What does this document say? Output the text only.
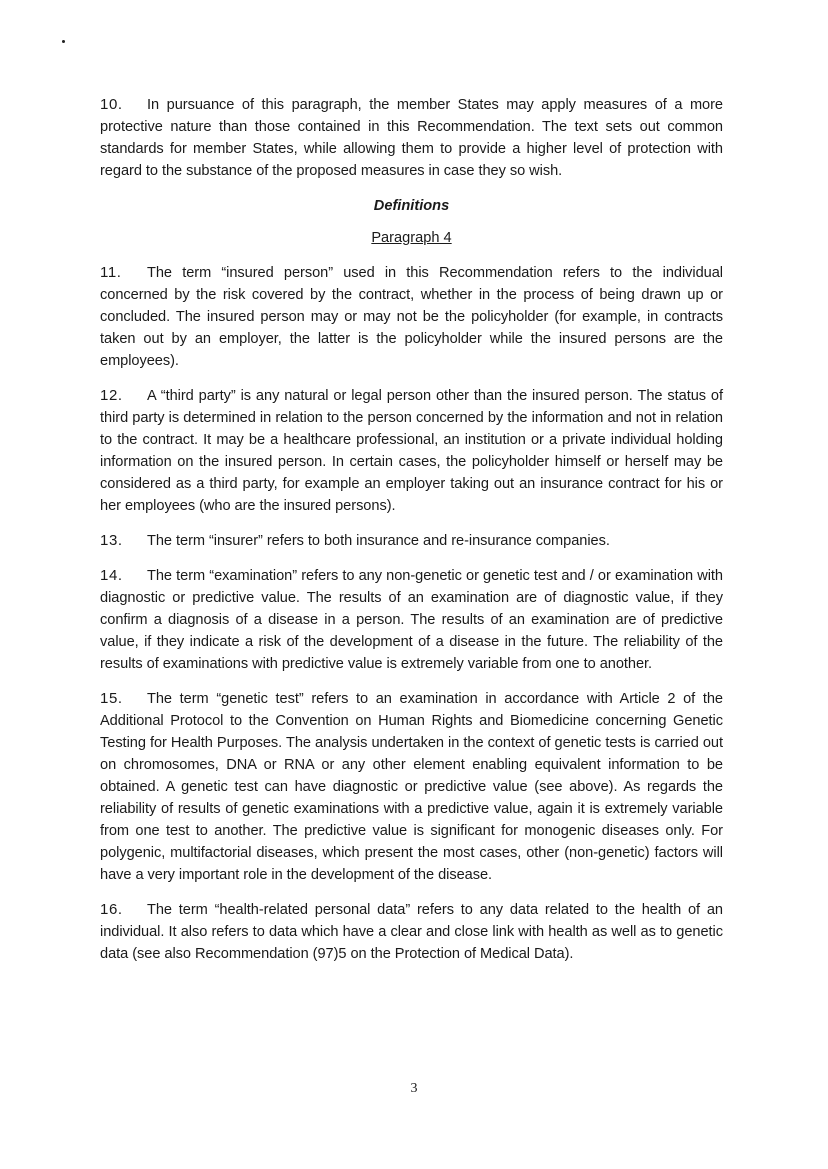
10. In pursuance of this paragraph, the member States may apply measures of a more protective nature than those contained in this Recommendation. The text sets out common standards for member States, while allowing them to provide a higher level of protection with regard to the substance of the proposed measures in case they so wish.

Definitions
Paragraph 4

11. The term “insured person” used in this Recommendation refers to the individual concerned by the risk covered by the contract, whether in the process of being drawn up or concluded. The insured person may or may not be the policyholder (for example, in contracts taken out by an employer, the latter is the policyholder while the insured persons are the employees).

12. A “third party” is any natural or legal person other than the insured person. The status of third party is determined in relation to the person concerned by the information and not in relation to the contract. It may be a healthcare professional, an institution or a private individual holding information on the insured person. In certain cases, the policyholder himself or herself may be considered as a third party, for example an employer taking out an insurance contract for his or her employees (who are the insured persons).

13. The term “insurer” refers to both insurance and re-insurance companies.

14. The term “examination” refers to any non-genetic or genetic test and / or examination with diagnostic or predictive value. The results of an examination are of diagnostic value, if they confirm a diagnosis of a disease in a person. The results of an examination are of predictive value, if they indicate a risk of the development of a disease in the future. The reliability of the results of examinations with predictive value is extremely variable from one to another.

15. The term “genetic test” refers to an examination in accordance with Article 2 of the Additional Protocol to the Convention on Human Rights and Biomedicine concerning Genetic Testing for Health Purposes. The analysis undertaken in the context of genetic tests is carried out on chromosomes, DNA or RNA or any other element enabling equivalent information to be obtained. A genetic test can have diagnostic or predictive value (see above). As regards the reliability of results of genetic examinations with a predictive value, again it is extremely variable from one test to another. The predictive value is significant for monogenic diseases only. For polygenic, multifactorial diseases, which present the most cases, other (non-genetic) factors will have a very important role in the development of the disease.

16. The term “health-related personal data” refers to any data related to the health of an individual. It also refers to data which have a clear and close link with health as well as to genetic data (see also Recommendation (97)5 on the Protection of Medical Data).

3
